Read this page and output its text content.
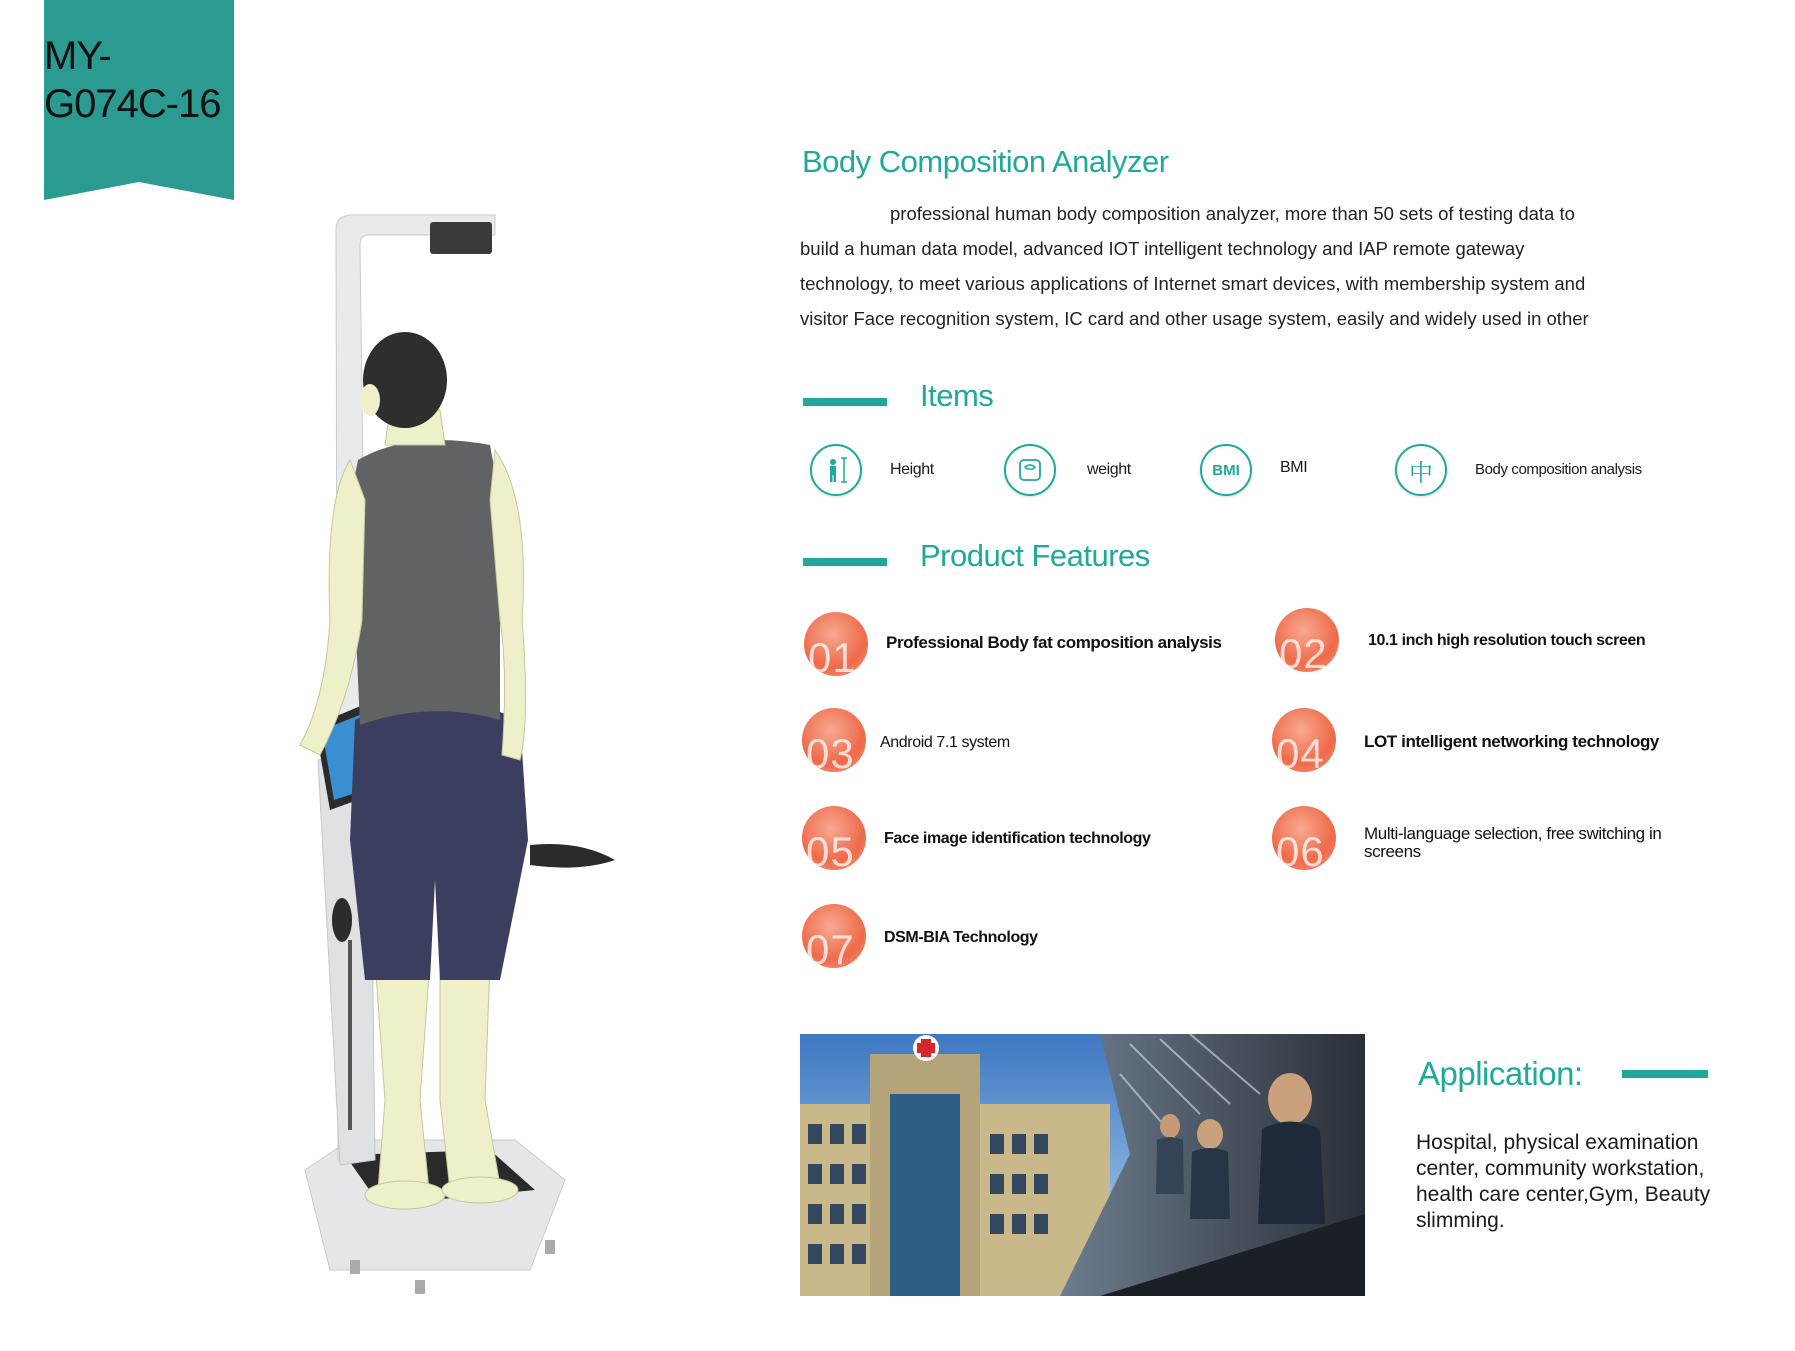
MY-
G074C-16
Body Composition Analyzer

professional human body composition analyzer, more than 50 sets of testing data to

build a human data model, advanced IOT intelligent technology and IAP remote gateway

technology, to meet various applications of Internet smart devices, with membership system and

visitor Face recognition system, IC card and other usage system, easily and widely used in other

Items
Height	weight	BMI	BMI	中	Body composition analysis
Product Features
01 Professional Body fat composition analysis 02	10.1 inch high resolution touch screen
03 Android 7.1 system	04 LOT intelligent networking technology
05 Face image identification technology	06 Multi-language selection, free switching in screens
07 DSM-BIA Technology
Application:
Hospital, physical examination center, community workstation, health care center,Gym, Beauty slimming.
